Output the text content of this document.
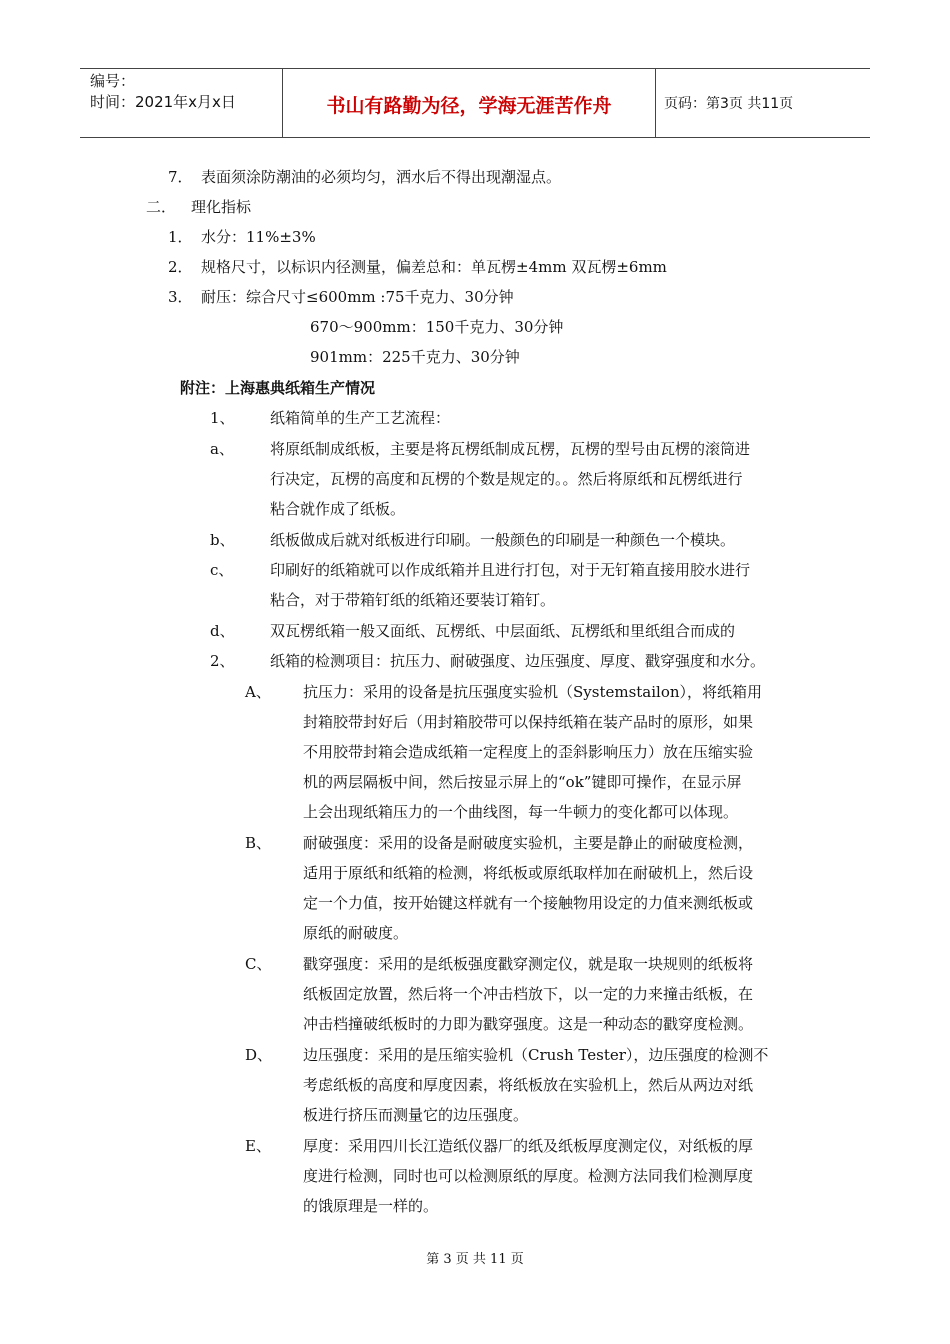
编号：
时间：2021年x月x日	书山有路勤为径，学海无涯苦作舟	页码：第3页 共11页
7． 表面须涂防潮油的必须均匀，洒水后不得出现潮湿点。
二． 理化指标
1． 水分：11%±3%
2． 规格尺寸，以标识内径测量，偏差总和：单瓦楞±4mm 双瓦楞±6mm
3． 耐压：综合尺寸≤600mm :75千克力、30分钟
670～900mm：150千克力、30分钟
901mm：225千克力、30分钟
附注：上海惠典纸箱生产情况
1、 纸箱简单的生产工艺流程：
a、 将原纸制成纸板，主要是将瓦楞纸制成瓦楞，瓦楞的型号由瓦楞的滚筒进
行决定，瓦楞的高度和瓦楞的个数是规定的。。然后将原纸和瓦楞纸进行
粘合就作成了纸板。
b、 纸板做成后就对纸板进行印刷。一般颜色的印刷是一种颜色一个模块。
c、 印刷好的纸箱就可以作成纸箱并且进行打包，对于无钉箱直接用胶水进行
粘合，对于带箱钉纸的纸箱还要装订箱钉。
d、 双瓦楞纸箱一般又面纸、瓦楞纸、中层面纸、瓦楞纸和里纸组合而成的
2、 纸箱的检测项目：抗压力、耐破强度、边压强度、厚度、戳穿强度和水分。
A、 抗压力：采用的设备是抗压强度实验机（Systemstailon），将纸箱用
封箱胶带封好后（用封箱胶带可以保持纸箱在装产品时的原形，如果
不用胶带封箱会造成纸箱一定程度上的歪斜影响压力）放在压缩实验
机的两层隔板中间，然后按显示屏上的“ok”键即可操作，在显示屏
上会出现纸箱压力的一个曲线图，每一牛顿力的变化都可以体现。
B、 耐破强度：采用的设备是耐破度实验机，主要是静止的耐破度检测，
适用于原纸和纸箱的检测，将纸板或原纸取样加在耐破机上，然后设
定一个力值，按开始键这样就有一个接触物用设定的力值来测纸板或
原纸的耐破度。
C、 戳穿强度：采用的是纸板强度戳穿测定仪，就是取一块规则的纸板将
纸板固定放置，然后将一个冲击档放下，以一定的力来撞击纸板，在
冲击档撞破纸板时的力即为戳穿强度。这是一种动态的戳穿度检测。
D、 边压强度：采用的是压缩实验机（Crush Tester），边压强度的检测不
考虑纸板的高度和厚度因素，将纸板放在实验机上，然后从两边对纸
板进行挤压而测量它的边压强度。
E、 厚度：采用四川长江造纸仪器厂的纸及纸板厚度测定仪，对纸板的厚
度进行检测，同时也可以检测原纸的厚度。检测方法同我们检测厚度
的饿原理是一样的。
第 3 页 共 11 页
